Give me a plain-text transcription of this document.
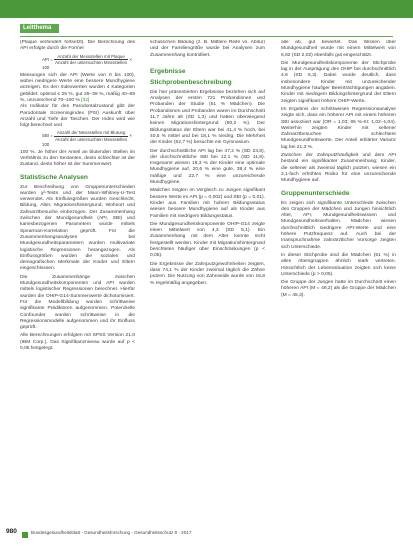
Leitthema

(Plaque verhindert fortsetzt). Die Berechnung des API erfolgte durch die Formel

API = $\frac{\text{Anzahl der Messstellen mit Plaque}}{\text{Anzahl der untersuchten Messstellen}} \times 100$

Messungen sich der API (Werte von 0 bis 100), wobei niedrigere Werte eine bessere Mundhygiene anzeigen. Es den Indexwerten wurden 4 Kategorien gebildet: optimal ≤ 25 %, gut 26–39 %, mäßig 40–69 %, unzureichend 70–100 % [32]

Als Indikator für den Parodontalzustand gibt der Parodontale Screeningindex (PSI) Auskunft über Anzahl und Tiefe der Taschen. Der Index wird wie folgt berechnet und

SBI = $\frac{\text{Anzahl der Messstellen mit Blutung}}{\text{Anzahl der untersuchten Messstellen}} \times 100$

100 %. Je höher der Anteil an blutenden Stellen im Verhältnis zu den Sextanten, desto schlechter ist der Zustand, desto höher ist der Summenwert.

Statistische Analysen

Zur Beschreibung von Gruppenunterschieden wurden χ²-Tests und der Mann-Whitney-U-Test verwendet. Als Einflussgrößen wurden Geschlecht, Bildung, Alter, Migrationshintergrund, Wohnort und Zahnarztbesuche einbezogen. Der Zusammenhang zwischen der Mundgesundheit (API, SBI) und kariesbezogenen Parametern wurde mittels Spearman-Korrelation geprüft. Für die Zusammenhangsanalysen bei Mundgesundheitsparametern wurden multivariate logistische Regressionen herangezogen. Als Einflussgrößen wurden die sozialen und demografischen Merkmale der Kinder und Eltern eingeschlossen.

Die Zusammenhänge zwischen Mundgesundheitskomponenten und API wurden mittels logistischer Regressionen berechnet. Hierfür wurden die OHIP-G14-Summenwerte dichotomisiert. Für die Modellbildung wurden schrittweise signifikante Prädiktoren aufgenommen. Potenzielle Confounder wurden schrittweise in die Regressionsmodelle aufgenommen und ihr Einfluss geprüft.

Alle Berechnungen erfolgten mit SPSS Version 21.0 (IBM Corp.). Das Signifikanzniveau wurde auf p < 0,05 festgelegt.

schulischen Bildung (z. B. Mittlere Reife vs. Abitur) und der Familiengröße wurde bei Analysen zum Zusammenhang kontrolliert.

Ergebnisse
Stichprobenbeschreibung

Die hier präsentierten Ergebnisse beziehen sich auf Analysen der ersten 721 Probandinnen und Probanden der Studie (51 % Mädchen). Die Probandinnen und Probanden waren im Durchschnitt 11,7 Jahre alt (SD 1,3) und hatten überwiegend keinen Migrationshintergrund (80,2 %). Der Bildungsstatus der Eltern war bei 41,4 % hoch, bei 40,5 % mittel und bei 18,1 % niedrig. Die Mehrheit der Kinder (62,7 %) besuchte ein Gymnasium.

Der durchschnittliche API lag bei 47,2 % (SD 23,8), der durchschnittliche SBI bei 12,1 % (SD 11,9). Insgesamt wiesen 18,3 % der Kinder eine optimale Mundhygiene auf, 20,6 % eine gute, 38,4 % eine mäßige und 22,7 % eine unzureichende Mundhygiene.

Mädchen zeigten im Vergleich zu Jungen signifikant bessere Werte im API (p = 0,002) und SBI (p = 0,01). Kinder aus Familien mit hohem Bildungsstatus wiesen bessere Mundhygiene auf als Kinder aus Familien mit niedrigem Bildungsstatus.

Die Mundgesundheitskomponente OHIP-G14 zeigte einen Mittelwert von 4,3 (SD 5,1). Ein Zusammenhang mit dem Alter konnte nicht festgestellt werden. Kinder mit Migrationshintergrund berichteten häufiger über Einschränkungen (p < 0,05).

Die Ergebnisse der Zahnputzgewohnheiten zeigten, dass 74,1 % der Kinder zweimal täglich die Zähne putzen. Die Nutzung von Zahnseide wurde von 16,8 % regelmäßig angegeben.

alle ab, gut bewertet. Das Wissen über Mundgesundheit wurde mit einem Mittelwert von 6,82 (SD 2,02) ebenfalls gut eingeschätzt.

Die Mundgesundheitskomponente der Stichprobe lag in der Ausprägung des OHIP bei durchschnittlich 4,6 (SD 5,3). Dabei wurde deutlich, dass insbesondere Kinder mit unzureichender Mundhygiene häufiger Beeinträchtigungen angaben. Kinder mit niedrigem Bildungshintergrund der Eltern zeigten signifikant höhere OHIP-Werte.

Im Ergebnis der schrittweisen Regressionsanalyse zeigte sich, dass ein höherer API mit einem höheren SBI assoziiert war (OR = 1,03; 95 %-KI: 1,02–1,04). Weiterhin zeigten Kinder mit seltener Zahnarztbesuchen schlechtere Mundgesundheitswerte. Der Anteil erklärter Varianz lag bei 21,3 %.

Zwischen der Zahnputzhäufigkeit und dem API bestand ein signifikanter Zusammenhang: Kinder, die seltener als zweimal täglich putzten, wiesen ein 2,1-fach erhöhtes Risiko für eine unzureichende Mundhygiene auf.

Gruppenunterschiede

Es zeigen sich signifikante Unterschiede zwischen den Gruppen der Mädchen und Jungen hinsichtlich Alter, API, Mundgesundheitswissen und Mundgesundheitsverhalten. Mädchen wiesen durchschnittlich niedrigere API-Werte und eine höhere Putzfrequenz auf. Auch bei der Inanspruchnahme zahnärztlicher Vorsorge zeigten sich Unterschiede.

In dieser Stichprobe sind die Mädchen (51 %) in allen Altersgruppen ähnlich stark vertreten. Hinsichtlich der Lebenssituation zeigten sich keine Unterschiede (p > 0,05).

Die Gruppe der Jungen hatte im Durchschnitt einen höheren API (M = 49,2) als die Gruppe der Mädchen (M = 45,3).

980	Bundesgesundheitsblatt - Gesundheitsforschung - Gesundheitsschutz 8 · 2017
